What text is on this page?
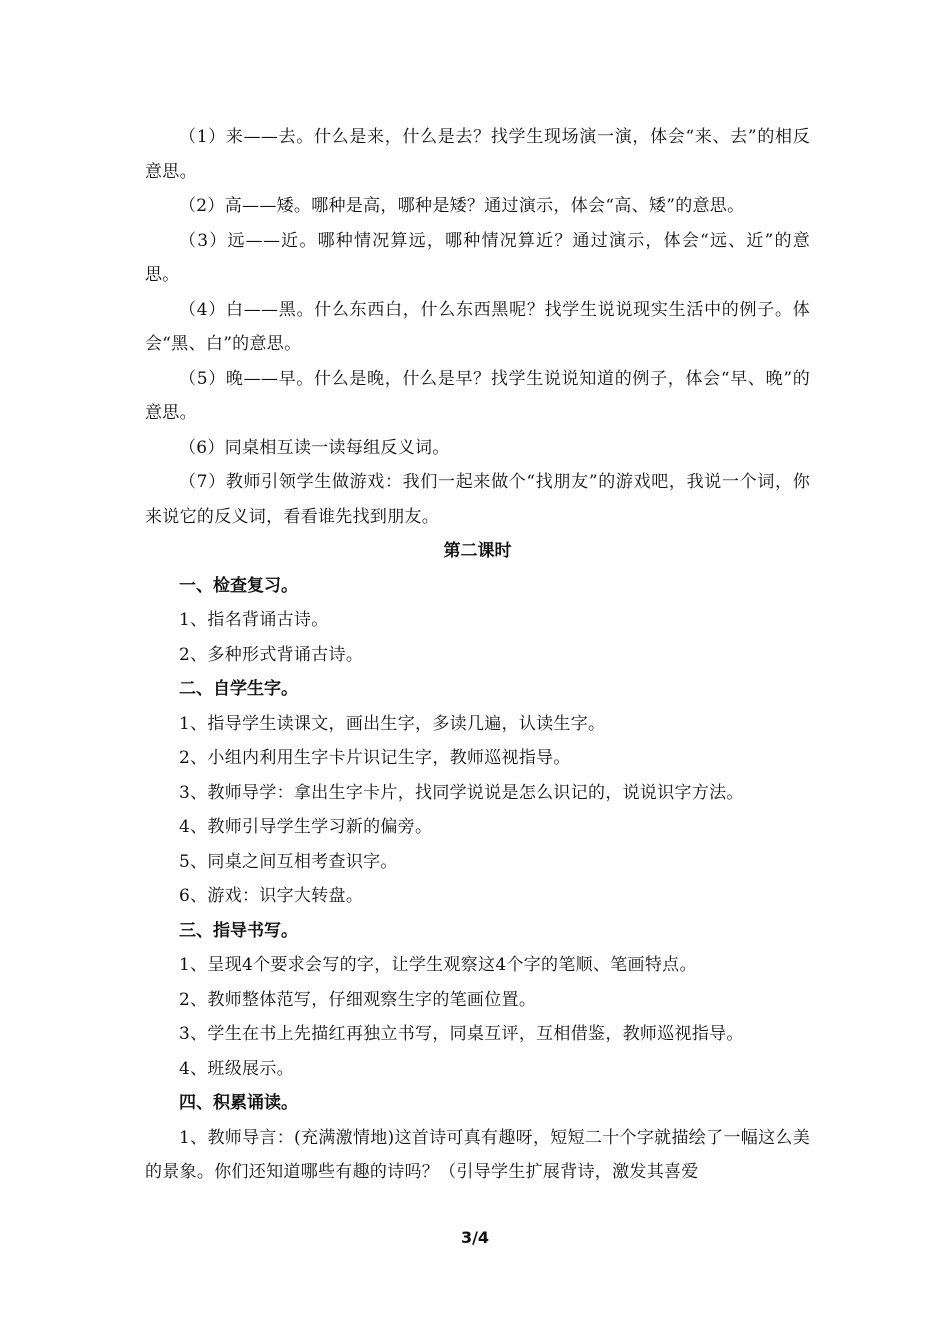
（1）来——去。什么是来，什么是去？找学生现场演一演，体会“来、去”的相反意思。

（2）高——矮。哪种是高，哪种是矮？通过演示，体会“高、矮”的意思。

（3）远——近。哪种情况算远，哪种情况算近？通过演示，体会“远、近”的意思。

（4）白——黑。什么东西白，什么东西黑呢？找学生说说现实生活中的例子。体会“黑、白”的意思。

（5）晚——早。什么是晚，什么是早？找学生说说知道的例子，体会“早、晚”的意思。

（6）同桌相互读一读每组反义词。

（7）教师引领学生做游戏：我们一起来做个“找朋友”的游戏吧，我说一个词，你来说它的反义词，看看谁先找到朋友。

第二课时

一、检查复习。

1、指名背诵古诗。

2、多种形式背诵古诗。

二、自学生字。

1、指导学生读课文，画出生字，多读几遍，认读生字。

2、小组内利用生字卡片识记生字，教师巡视指导。

3、教师导学：拿出生字卡片，找同学说说是怎么识记的，说说识字方法。

4、教师引导学生学习新的偏旁。

5、同桌之间互相考查识字。

6、游戏：识字大转盘。

三、指导书写。

1、呈现4个要求会写的字，让学生观察这4个字的笔顺、笔画特点。

2、教师整体范写，仔细观察生字的笔画位置。

3、学生在书上先描红再独立书写，同桌互评，互相借鉴，教师巡视指导。

4、班级展示。

四、积累诵读。

1、教师导言：(充满激情地)这首诗可真有趣呀，短短二十个字就描绘了一幅这么美的景象。你们还知道哪些有趣的诗吗？（引导学生扩展背诗，激发其喜爱

3/4
